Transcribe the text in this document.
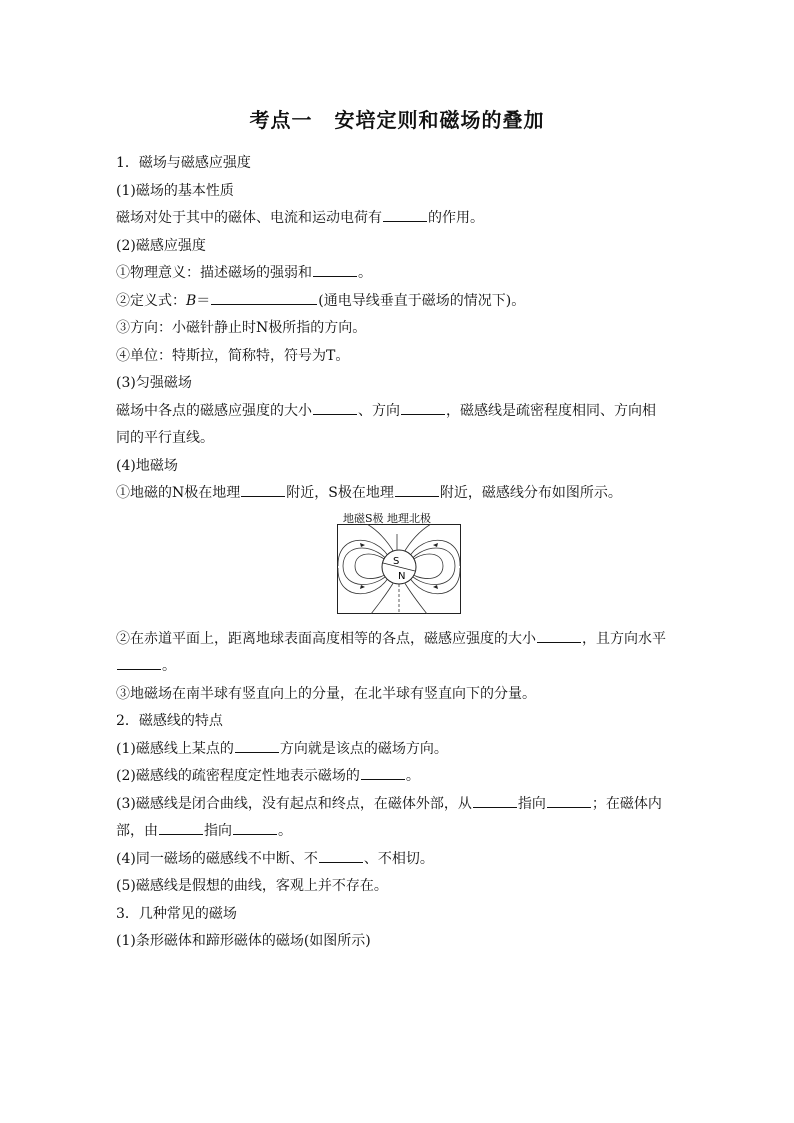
考点一 安培定则和磁场的叠加
1．磁场与磁感应强度
(1)磁场的基本性质
磁场对处于其中的磁体、电流和运动电荷有	的作用。
(2)磁感应强度
①物理意义：描述磁场的强弱和	。
②定义式：B＝	(通电导线垂直于磁场的情况下)。
③方向：小磁针静止时N极所指的方向。
④单位：特斯拉，简称特，符号为T。
(3)匀强磁场
磁场中各点的磁感应强度的大小	、方向	，磁感线是疏密程度相同、方向相
同的平行直线。
(4)地磁场
①地磁的N极在地理	附近，S极在地理	附近，磁感线分布如图所示。
地磁S极 地理北极
S
N
②在赤道平面上，距离地球表面高度相等的各点，磁感应强度的大小	，且方向水平
。
③地磁场在南半球有竖直向上的分量，在北半球有竖直向下的分量。
2．磁感线的特点
(1)磁感线上某点的	方向就是该点的磁场方向。
(2)磁感线的疏密程度定性地表示磁场的	。
(3)磁感线是闭合曲线，没有起点和终点，在磁体外部，从	指向	；在磁体内
部，由	指向	。
(4)同一磁场的磁感线不中断、不	、不相切。
(5)磁感线是假想的曲线，客观上并不存在。
3．几种常见的磁场
(1)条形磁体和蹄形磁体的磁场(如图所示)
